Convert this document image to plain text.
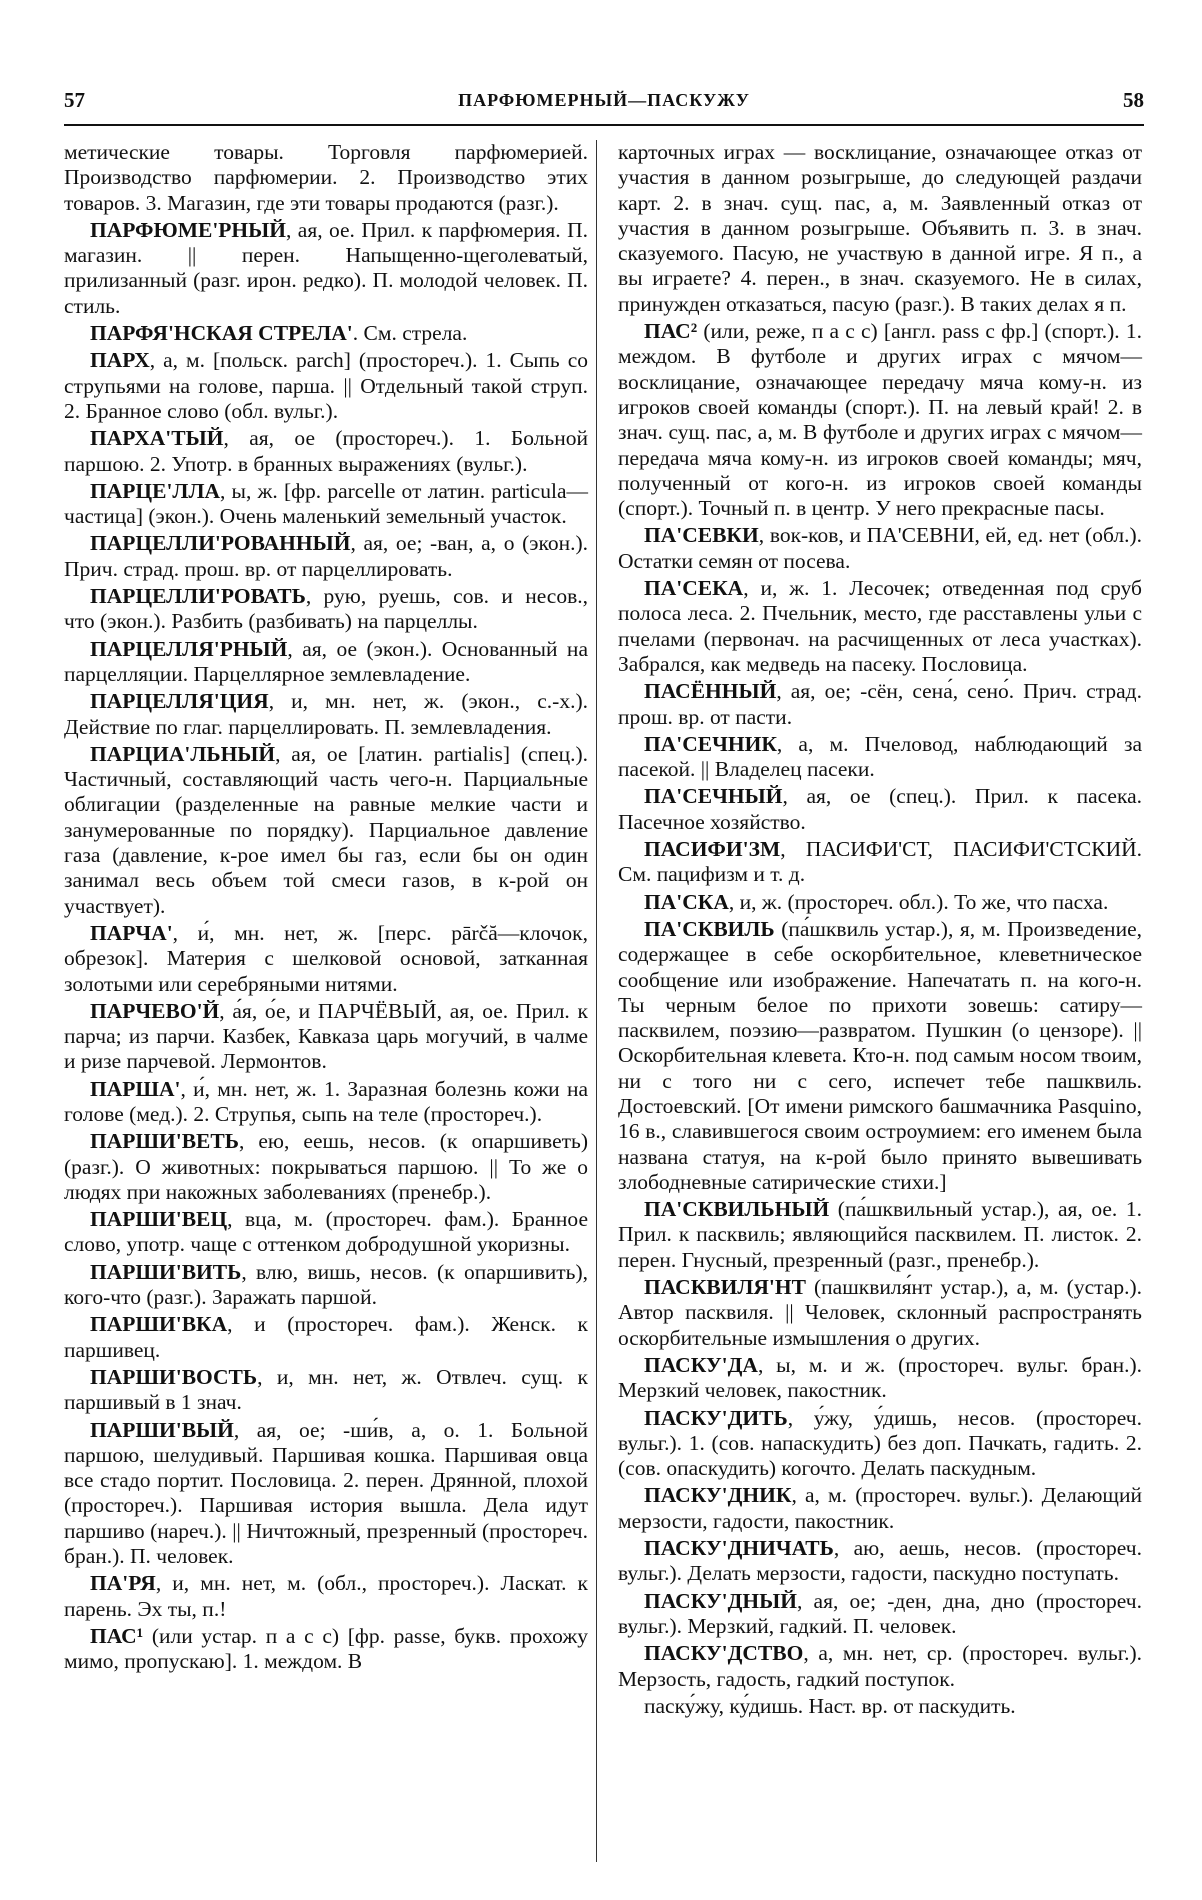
57	ПАРФЮМЕРНЫЙ—ПАСКУЖУ	58

метические товары. Торговля парфюмерией. Производство парфюмерии. 2. Производство этих товаров. 3. Магазин, где эти товары продаются (разг.).

ПАРФЮМЕ'РНЫЙ, ая, ое. Прил. к парфюмерия. П. магазин. || перен. Напыщенно-щеголеватый, прилизанный (разг. ирон. редко). П. молодой человек. П. стиль.

ПАРФЯ'НСКАЯ СТРЕЛА'. См. стрела.

ПАРХ, а, м. [польск. parch] (простореч.). 1. Сыпь со струпьями на голове, парша. || Отдельный такой струп. 2. Бранное слово (обл. вульг.).

ПАРХА'ТЫЙ, ая, ое (простореч.). 1. Больной паршою. 2. Употр. в бранных выражениях (вульг.).

ПАРЦЕ'ЛЛА, ы, ж. [фр. parcelle от латин. particula—частица] (экон.). Очень маленький земельный участок.

ПАРЦЕЛЛИ'РОВАННЫЙ, ая, ое; -ван, а, о (экон.). Прич. страд. прош. вр. от парцеллировать.

ПАРЦЕЛЛИ'РОВАТЬ, рую, руешь, сов. и несов., что (экон.). Разбить (разбивать) на парцеллы.

ПАРЦЕЛЛЯ'РНЫЙ, ая, ое (экон.). Основанный на парцелляции. Парцеллярное землевладение.

ПАРЦЕЛЛЯ'ЦИЯ, и, мн. нет, ж. (экон., с.-х.). Действие по глаг. парцеллировать. П. землевладения.

ПАРЦИА'ЛЬНЫЙ, ая, ое [латин. partialis] (спец.). Частичный, составляющий часть чего-н. Парциальные облигации (разделенные на равные мелкие части и занумерованные по порядку). Парциальное давление газа (давление, к-рое имел бы газ, если бы он один занимал весь объем той смеси газов, в к-рой он участвует).

ПАРЧА', и́, мн. нет, ж. [перс. pārčă—клочок, обрезок]. Материя с шелковой основой, затканная золотыми или серебряными нитями.

ПАРЧЕВО'Й, а́я, о́е, и ПАРЧЁВЫЙ, ая, ое. Прил. к парча; из парчи. Казбек, Кавказа царь могучий, в чалме и ризе парчевой. Лермонтов.

ПАРША', и́, мн. нет, ж. 1. Заразная болезнь кожи на голове (мед.). 2. Струпья, сыпь на теле (простореч.).

ПАРШИ'ВЕТЬ, ею, еешь, несов. (к опаршиветь) (разг.). О животных: покрываться паршою. || То же о людях при накожных заболеваниях (пренебр.).

ПАРШИ'ВЕЦ, вца, м. (простореч. фам.). Бранное слово, употр. чаще с оттенком добродушной укоризны.

ПАРШИ'ВИТЬ, влю, вишь, несов. (к опаршивить), кого-что (разг.). Заражать паршой.

ПАРШИ'ВКА, и (простореч. фам.). Женск. к паршивец.

ПАРШИ'ВОСТЬ, и, мн. нет, ж. Отвлеч. сущ. к паршивый в 1 знач.

ПАРШИ'ВЫЙ, ая, ое; -ши́в, а, о. 1. Больной паршою, шелудивый. Паршивая кошка. Паршивая овца все стадо портит. Пословица. 2. перен. Дрянной, плохой (простореч.). Паршивая история вышла. Дела идут паршиво (нареч.). || Ничтожный, презренный (простореч. бран.). П. человек.

ПА'РЯ, и, мн. нет, м. (обл., простореч.). Ласкат. к парень. Эх ты, п.!

ПАС¹ (или устар. п а с с) [фр. passe, букв. прохожу мимо, пропускаю]. 1. междом. В

карточных играх — восклицание, означающее отказ от участия в данном розыгрыше, до следующей раздачи карт. 2. в знач. сущ. пас, а, м. Заявленный отказ от участия в данном розыгрыше. Объявить п. 3. в знач. сказуемого. Пасую, не участвую в данной игре. Я п., а вы играете? 4. перен., в знач. сказуемого. Не в силах, принужден отказаться, пасую (разг.). В таких делах я п.

ПАС² (или, реже, п а с с) [англ. pass с фр.] (спорт.). 1. междом. В футболе и других играх с мячом—восклицание, означающее передачу мяча кому-н. из игроков своей команды (спорт.). П. на левый край! 2. в знач. сущ. пас, а, м. В футболе и других играх с мячом—передача мяча кому-н. из игроков своей команды; мяч, полученный от кого-н. из игроков своей команды (спорт.). Точный п. в центр. У него прекрасные пасы.

ПА'СЕВКИ, вок-ков, и ПА'СЕВНИ, ей, ед. нет (обл.). Остатки семян от посева.

ПА'СЕКА, и, ж. 1. Лесочек; отведенная под сруб полоса леса. 2. Пчельник, место, где расставлены ульи с пчелами (первонач. на расчищенных от леса участках). Забрался, как медведь на пасеку. Пословица.

ПАСЁННЫЙ, ая, ое; -сён, сена́, сено́. Прич. страд. прош. вр. от пасти.

ПА'СЕЧНИК, а, м. Пчеловод, наблюдающий за пасекой. || Владелец пасеки.

ПА'СЕЧНЫЙ, ая, ое (спец.). Прил. к пасека. Пасечное хозяйство.

ПАСИФИ'ЗМ, ПАСИФИ'СТ, ПАСИФИ'СТСКИЙ. См. пацифизм и т. д.

ПА'СКА, и, ж. (простореч. обл.). То же, что пасха.

ПА'СКВИЛЬ (па́шквиль устар.), я, м. Произведение, содержащее в себе оскорбительное, клеветническое сообщение или изображение. Напечатать п. на кого-н. Ты черным белое по прихоти зовешь: сатиру—пасквилем, поэзию—развратом. Пушкин (о цензоре). || Оскорбительная клевета. Кто-н. под самым носом твоим, ни с того ни с сего, испечет тебе пашквиль. Достоевский. [От имени римского башмачника Pasquino, 16 в., славившегося своим остроумием: его именем была названа статуя, на к-рой было принято вывешивать злободневные сатирические стихи.]

ПА'СКВИЛЬНЫЙ (па́шквильный устар.), ая, ое. 1. Прил. к пасквиль; являющийся пасквилем. П. листок. 2. перен. Гнусный, презренный (разг., пренебр.).

ПАСКВИЛЯ'НТ (пашквиля́нт устар.), а, м. (устар.). Автор пасквиля. || Человек, склонный распространять оскорбительные измышления о других.

ПАСКУ'ДА, ы, м. и ж. (простореч. вульг. бран.). Мерзкий человек, пакостник.

ПАСКУ'ДИТЬ, у́жу, у́дишь, несов. (простореч. вульг.). 1. (сов. напаскудить) без доп. Пачкать, гадить. 2. (сов. опаскудить) когочто. Делать паскудным.

ПАСКУ'ДНИК, а, м. (простореч. вульг.). Делающий мерзости, гадости, пакостник.

ПАСКУ'ДНИЧАТЬ, аю, аешь, несов. (простореч. вульг.). Делать мерзости, гадости, паскудно поступать.

ПАСКУ'ДНЫЙ, ая, ое; -ден, дна, дно (простореч. вульг.). Мерзкий, гадкий. П. человек.

ПАСКУ'ДСТВО, а, мн. нет, ср. (простореч. вульг.). Мерзость, гадость, гадкий поступок.

паску́жу, ку́дишь. Наст. вр. от паскудить.
